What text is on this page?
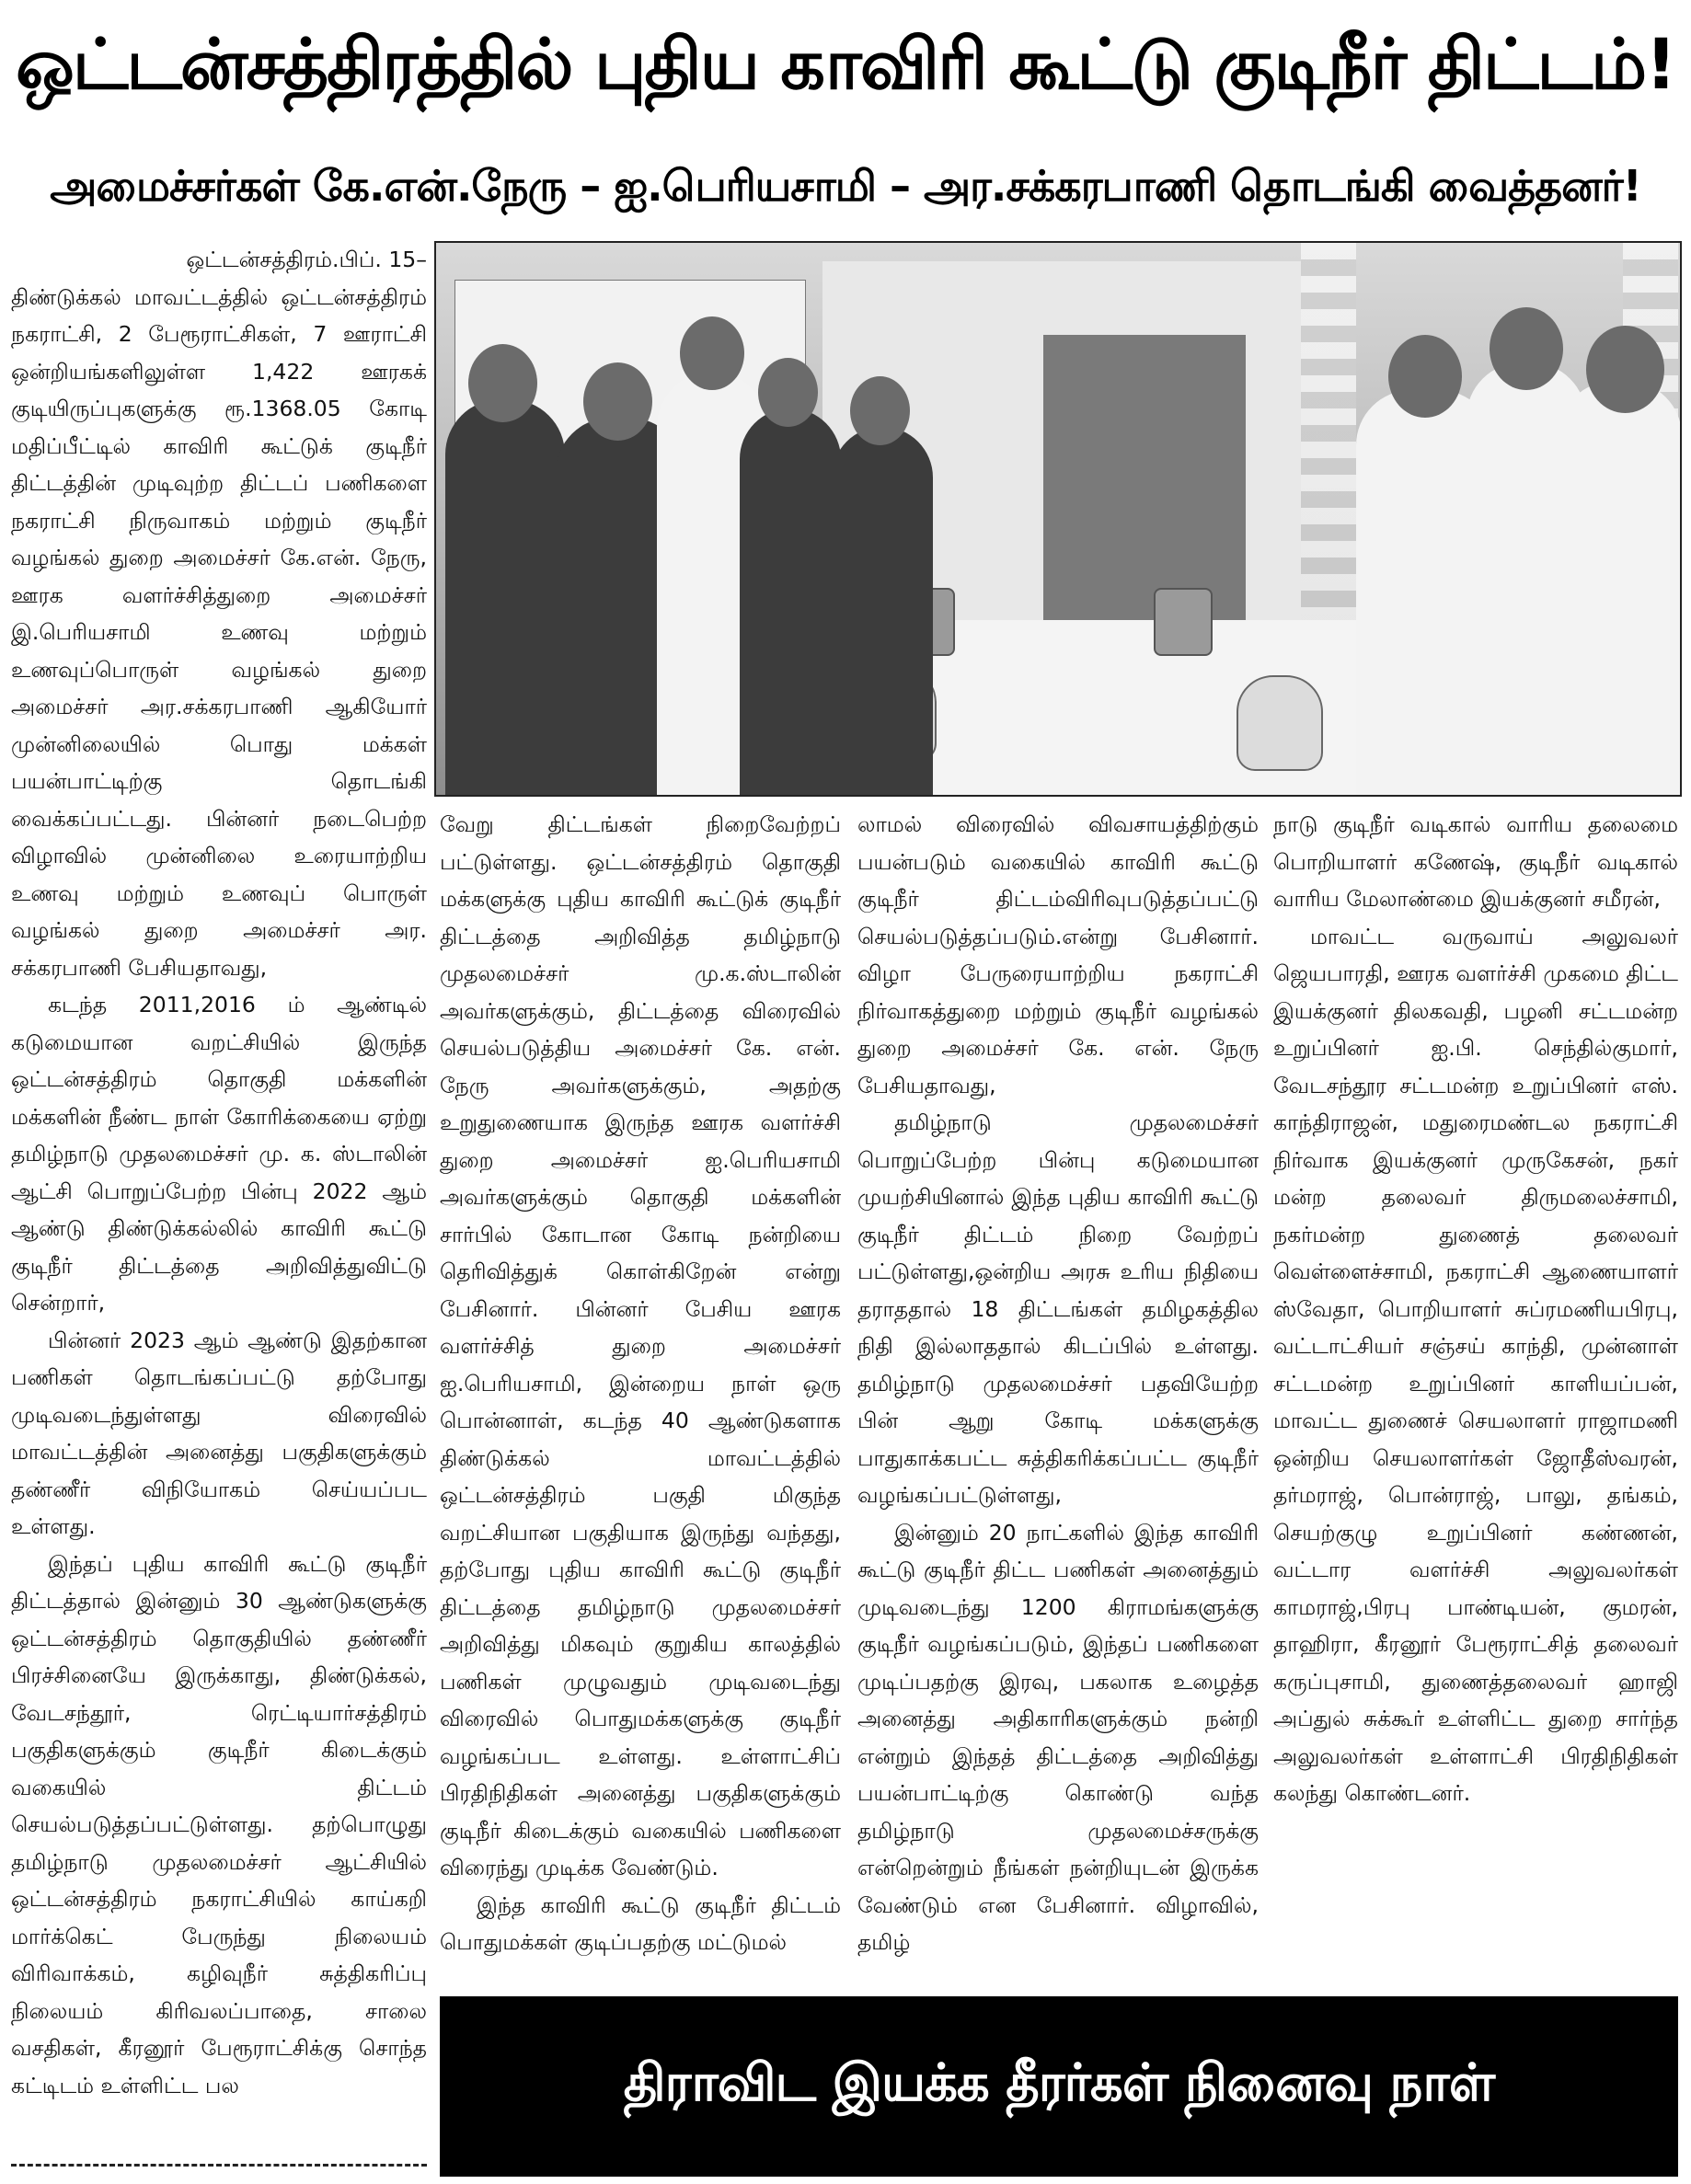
ஒட்டன்சத்திரத்தில் புதிய காவிரி கூட்டு குடிநீர் திட்டம்!
அமைச்சர்கள் கே.என்.நேரு – ஐ.பெரியசாமி – அர.சக்கரபாணி தொடங்கி வைத்தனர்!

ஒட்டன்சத்திரம்.பிப். 15–

திண்டுக்கல் மாவட்டத்தில் ஒட்டன்சத்திரம் நகராட்சி, 2 பேரூராட்சிகள், 7 ஊராட்சி ஒன்றியங்களிலுள்ள 1,422 ஊரகக் குடியிருப்புகளுக்கு ரூ.1368.05 கோடி மதிப்பீட்டில் காவிரி கூட்டுக் குடிநீர் திட்டத்தின் முடிவுற்ற திட்டப் பணிகளை நகராட்சி நிருவாகம் மற்றும் குடிநீர் வழங்கல் துறை அமைச்சர் கே.என். நேரு, ஊரக வளர்ச்சித்துறை அமைச்சர் இ.பெரியசாமி உணவு மற்றும் உணவுப்பொருள் வழங்கல் துறை அமைச்சர் அர.சக்கரபாணி ஆகியோர் முன்னிலையில் பொது மக்கள் பயன்பாட்டிற்கு தொடங்கி வைக்கப்பட்டது. பின்னர் நடைபெற்ற விழாவில் முன்னிலை உரையாற்றிய உணவு மற்றும் உணவுப் பொருள் வழங்கல் துறை அமைச்சர் அர. சக்கரபாணி பேசியதாவது,

கடந்த 2011,2016 ம் ஆண்டில் கடுமையான வறட்சியில் இருந்த ஒட்டன்சத்திரம் தொகுதி மக்களின் மக்களின் நீண்ட நாள் கோரிக்கையை ஏற்று தமிழ்நாடு முதலமைச்சர் மு. க. ஸ்டாலின் ஆட்சி பொறுப்பேற்ற பின்பு 2022 ஆம் ஆண்டு திண்டுக்கல்லில் காவிரி கூட்டு குடிநீர் திட்டத்தை அறிவித்துவிட்டு சென்றார்,

பின்னர் 2023 ஆம் ஆண்டு இதற்கான பணிகள் தொடங்கப்பட்டு தற்போது முடிவடைந்துள்ளது விரைவில் மாவட்டத்தின் அனைத்து பகுதிகளுக்கும் தண்ணீர் விநியோகம் செய்யப்பட உள்ளது.

இந்தப் புதிய காவிரி கூட்டு குடிநீர் திட்டத்தால் இன்னும் 30 ஆண்டுகளுக்கு ஒட்டன்சத்திரம் தொகுதியில் தண்ணீர் பிரச்சினையே இருக்காது, திண்டுக்கல், வேடசந்தூர், ரெட்டியார்சத்திரம் பகுதிகளுக்கும் குடிநீர் கிடைக்கும் வகையில் திட்டம் செயல்படுத்தப்பட்டுள்ளது. தற்பொழுது தமிழ்நாடு முதலமைச்சர் ஆட்சியில் ஒட்டன்சத்திரம் நகராட்சியில் காய்கறி மார்க்கெட் பேருந்து நிலையம் விரிவாக்கம், கழிவுநீர் சுத்திகரிப்பு நிலையம் கிரிவலப்பாதை, சாலை வசதிகள், கீரனூர் பேரூராட்சிக்கு சொந்த கட்டிடம் உள்ளிட்ட பல

வேறு திட்டங்கள் நிறைவேற்றப் பட்டுள்ளது. ஒட்டன்சத்திரம் தொகுதி மக்களுக்கு புதிய காவிரி கூட்டுக் குடிநீர் திட்டத்தை அறிவித்த தமிழ்நாடு முதலமைச்சர் மு.க.ஸ்டாலின் அவர்களுக்கும், திட்டத்தை விரைவில் செயல்படுத்திய அமைச்சர் கே. என். நேரு அவர்களுக்கும், அதற்கு உறுதுணையாக இருந்த ஊரக வளர்ச்சி துறை அமைச்சர் ஐ.பெரியசாமி அவர்களுக்கும் தொகுதி மக்களின் சார்பில் கோடான கோடி நன்றியை தெரிவித்துக் கொள்கிறேன் என்று பேசினார். பின்னர் பேசிய ஊரக வளர்ச்சித் துறை அமைச்சர் ஐ.பெரியசாமி, இன்றைய நாள் ஒரு பொன்னாள், கடந்த 40 ஆண்டுகளாக திண்டுக்கல் மாவட்டத்தில் ஒட்டன்சத்திரம் பகுதி மிகுந்த வறட்சியான பகுதியாக இருந்து வந்தது, தற்போது புதிய காவிரி கூட்டு குடிநீர் திட்டத்தை தமிழ்நாடு முதலமைச்சர் அறிவித்து மிகவும் குறுகிய காலத்தில் பணிகள் முழுவதும் முடிவடைந்து விரைவில் பொதுமக்களுக்கு குடிநீர் வழங்கப்பட உள்ளது. உள்ளாட்சிப் பிரதிநிதிகள் அனைத்து பகுதிகளுக்கும் குடிநீர் கிடைக்கும் வகையில் பணிகளை விரைந்து முடிக்க வேண்டும்.

இந்த காவிரி கூட்டு குடிநீர் திட்டம் பொதுமக்கள் குடிப்பதற்கு மட்டுமல்

லாமல் விரைவில் விவசாயத்திற்கும் பயன்படும் வகையில் காவிரி கூட்டு குடிநீர் திட்டம்விரிவுபடுத்தப்பட்டு செயல்படுத்தப்படும்.என்று பேசினார். விழா பேருரையாற்றிய நகராட்சி நிர்வாகத்துறை மற்றும் குடிநீர் வழங்கல் துறை அமைச்சர் கே. என். நேரு பேசியதாவது,

தமிழ்நாடு முதலமைச்சர் பொறுப்பேற்ற பின்பு கடுமையான முயற்சியினால் இந்த புதிய காவிரி கூட்டு குடிநீர் திட்டம் நிறை வேற்றப் பட்டுள்ளது,ஒன்றிய அரசு உரிய நிதியை தராததால் 18 திட்டங்கள் தமிழகத்தில நிதி இல்லாததால் கிடப்பில் உள்ளது. தமிழ்நாடு முதலமைச்சர் பதவியேற்ற பின் ஆறு கோடி மக்களுக்கு பாதுகாக்கபட்ட சுத்திகரிக்கப்பட்ட குடிநீர் வழங்கப்பட்டுள்ளது,

இன்னும் 20 நாட்களில் இந்த காவிரி கூட்டு குடிநீர் திட்ட பணிகள் அனைத்தும் முடிவடைந்து 1200 கிராமங்களுக்கு குடிநீர் வழங்கப்படும், இந்தப் பணிகளை முடிப்பதற்கு இரவு, பகலாக உழைத்த அனைத்து அதிகாரிகளுக்கும் நன்றி என்றும் இந்தத் திட்டத்தை அறிவித்து பயன்பாட்டிற்கு கொண்டு வந்த தமிழ்நாடு முதலமைச்சருக்கு என்றென்றும் நீங்கள் நன்றியுடன் இருக்க வேண்டும் என பேசினார். விழாவில், தமிழ்

நாடு குடிநீர் வடிகால் வாரிய தலைமை பொறியாளர் கணேஷ், குடிநீர் வடிகால் வாரிய மேலாண்மை இயக்குனர் சமீரன்,

மாவட்ட வருவாய் அலுவலர் ஜெயபாரதி, ஊரக வளர்ச்சி முகமை திட்ட இயக்குனர் திலகவதி, பழனி சட்டமன்ற உறுப்பினர் ஐ.பி. செந்தில்குமார், வேடசந்தூர சட்டமன்ற உறுப்பினர் எஸ். காந்திராஜன், மதுரைமண்டல நகராட்சி நிர்வாக இயக்குனர் முருகேசன், நகர் மன்ற தலைவர் திருமலைச்சாமி, நகர்மன்ற துணைத் தலைவர் வெள்ளைச்சாமி, நகராட்சி ஆணையாளர் ஸ்வேதா, பொறியாளர் சுப்ரமணியபிரபு, வட்டாட்சியர் சஞ்சய் காந்தி, முன்னாள் சட்டமன்ற உறுப்பினர் காளியப்பன், மாவட்ட துணைச் செயலாளர் ராஜாமணி ஒன்றிய செயலாளர்கள் ஜோதீஸ்வரன், தர்மராஜ், பொன்ராஜ், பாலு, தங்கம், செயற்குழு உறுப்பினர் கண்ணன், வட்டார வளர்ச்சி அலுவலர்கள் காமராஜ்,பிரபு பாண்டியன், குமரன், தாஹிரா, கீரனூர் பேரூராட்சித் தலைவர் கருப்புசாமி, துணைத்தலைவர் ஹாஜி அப்துல் சுக்கூர் உள்ளிட்ட துறை சார்ந்த அலுவலர்கள் உள்ளாட்சி பிரதிநிதிகள் கலந்து கொண்டனர்.

திராவிட இயக்க தீரர்கள் நினைவு நாள்
